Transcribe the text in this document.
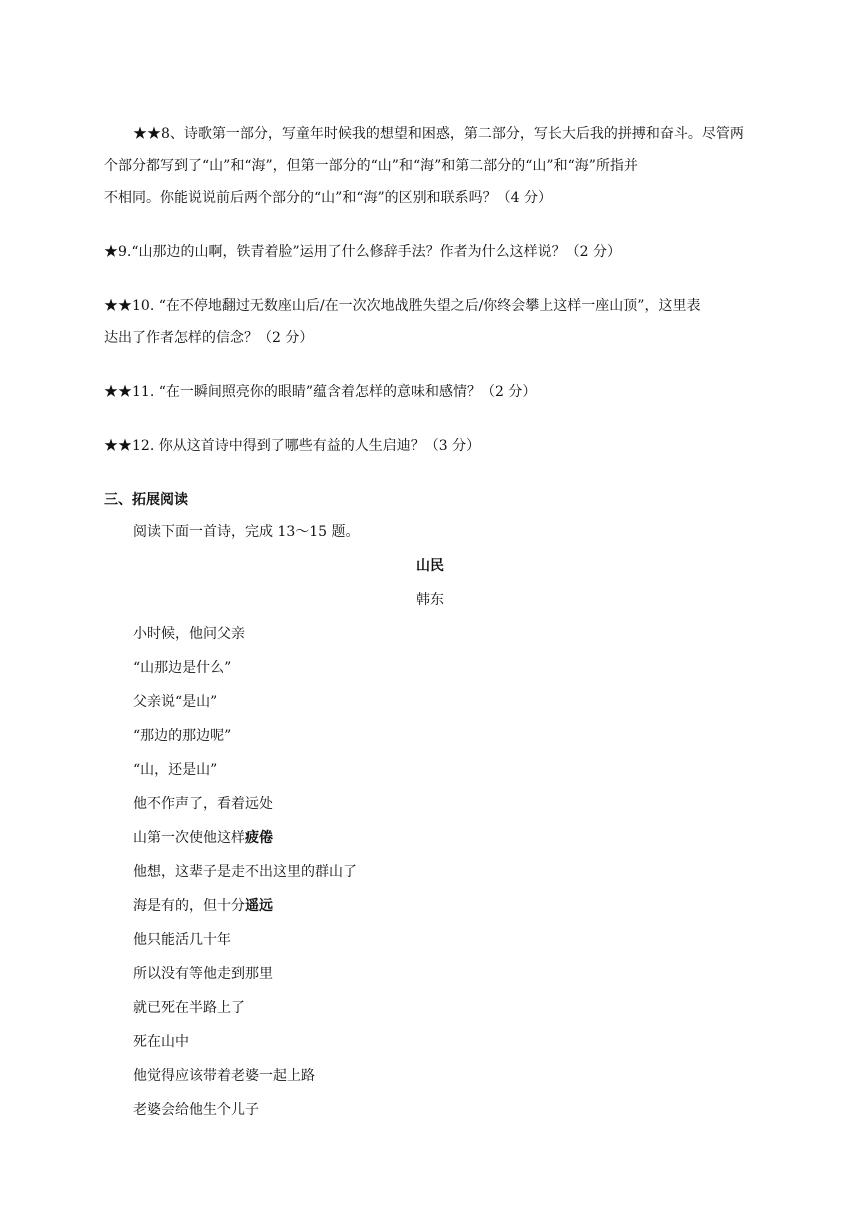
★★8、诗歌第一部分，写童年时候我的想望和困惑，第二部分，写长大后我的拼搏和奋斗。尽管两
个部分都写到了“山”和“海”，但第一部分的“山”和“海”和第二部分的“山”和“海”所指并
不相同。你能说说前后两个部分的“山”和“海”的区别和联系吗？（4 分）
★9.“山那边的山啊，铁青着脸”运用了什么修辞手法？作者为什么这样说？（2 分）
★★10. “在不停地翻过无数座山后/在一次次地战胜失望之后/你终会攀上这样一座山顶”，这里表
达出了作者怎样的信念？（2 分）
★★11. “在一瞬间照亮你的眼睛”蕴含着怎样的意味和感情？（2 分）
★★12. 你从这首诗中得到了哪些有益的人生启迪？（3 分）
三、拓展阅读
阅读下面一首诗，完成 13～15 题。
山民
韩东
小时候，他问父亲
“山那边是什么”
父亲说“是山”
“那边的那边呢”
“山，还是山”
他不作声了，看着远处
山第一次使他这样疲倦
他想，这辈子是走不出这里的群山了
海是有的，但十分遥远
他只能活几十年
所以没有等他走到那里
就已死在半路上了
死在山中
他觉得应该带着老婆一起上路
老婆会给他生个儿子
